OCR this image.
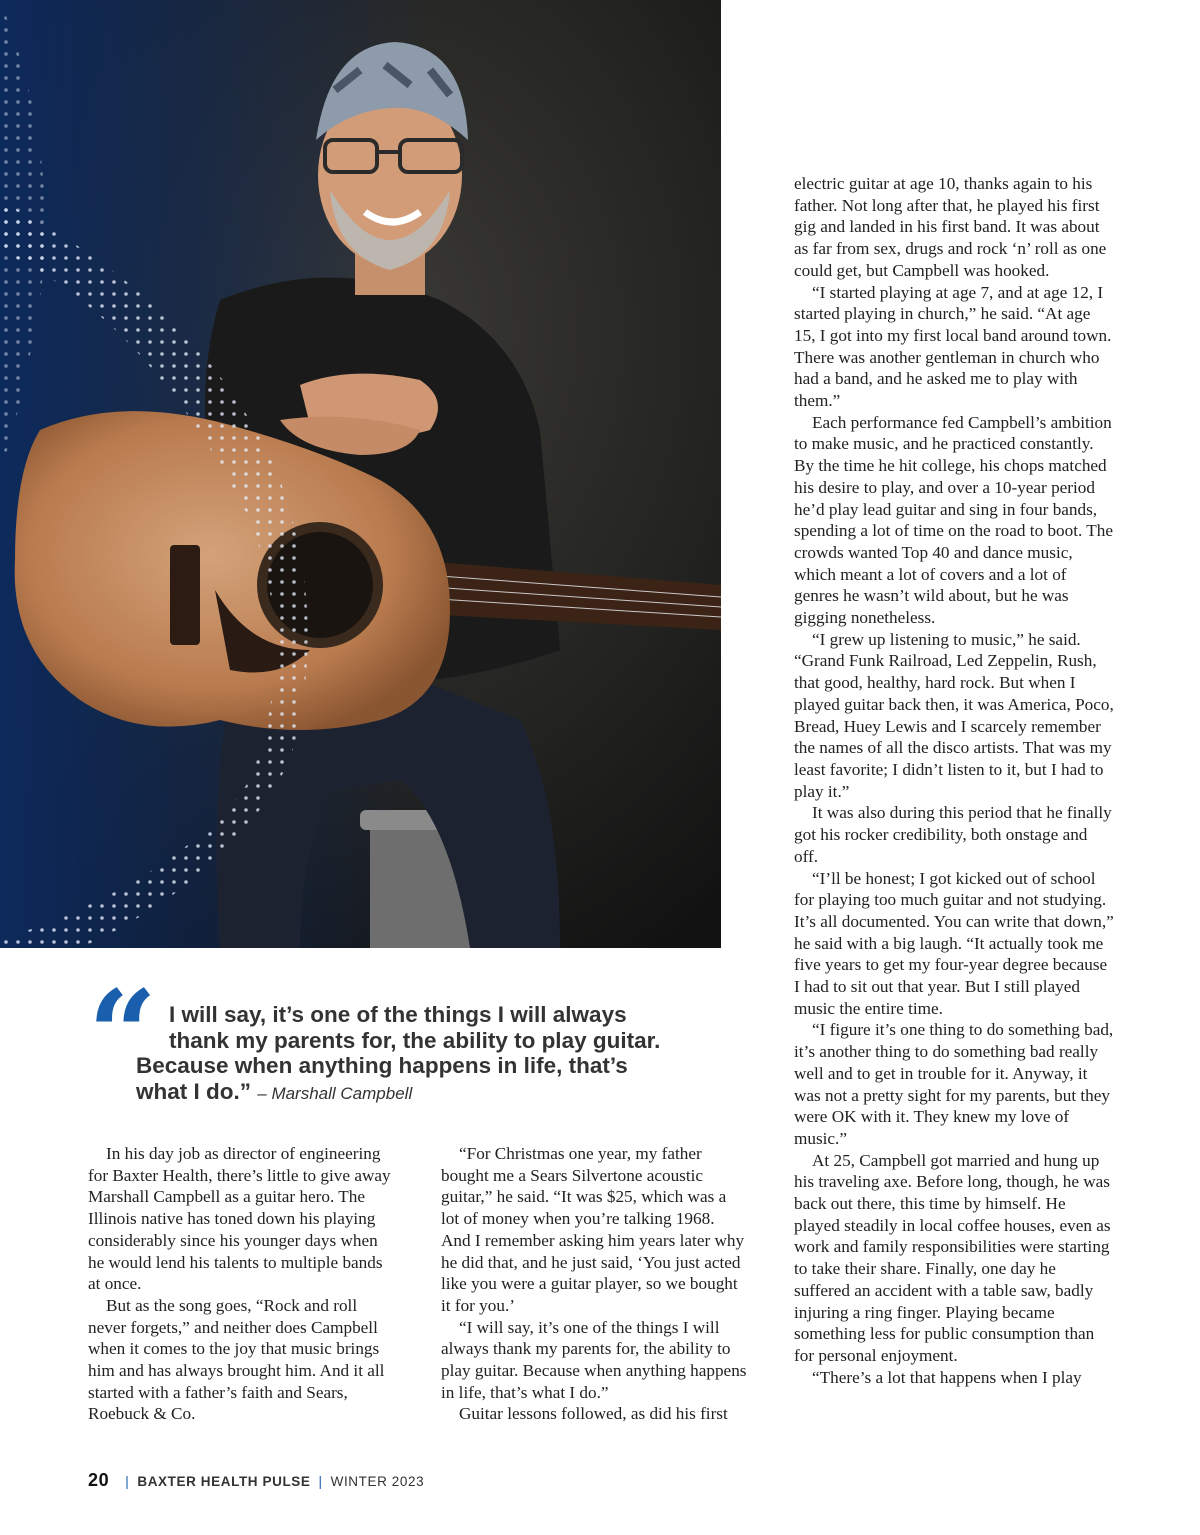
“ I will say, it’s one of the things I will always
thank my parents for, the ability to play guitar.
Because when anything happens in life, that’s
what I do.” – Marshall Campbell

In his day job as director of engineering for Baxter Health, there’s little to give away Marshall Campbell as a guitar hero. The Illinois native has toned down his playing considerably since his younger days when he would lend his talents to multiple bands at once.

But as the song goes, “Rock and roll never forgets,” and neither does Campbell when it comes to the joy that music brings him and has always brought him. And it all started with a father’s faith and Sears, Roebuck & Co.

“For Christmas one year, my father bought me a Sears Silvertone acoustic guitar,” he said. “It was $25, which was a lot of money when you’re talking 1968. And I remember asking him years later why he did that, and he just said, ‘You just acted like you were a guitar player, so we bought it for you.’

“I will say, it’s one of the things I will always thank my parents for, the ability to play guitar. Because when anything happens in life, that’s what I do.”

Guitar lessons followed, as did his first

electric guitar at age 10, thanks again to his father. Not long after that, he played his first gig and landed in his first band. It was about as far from sex, drugs and rock ‘n’ roll as one could get, but Campbell was hooked.

“I started playing at age 7, and at age 12, I started playing in church,” he said. “At age 15, I got into my first local band around town. There was another gentleman in church who had a band, and he asked me to play with them.”

Each performance fed Campbell’s ambition to make music, and he practiced constantly. By the time he hit college, his chops matched his desire to play, and over a 10-year period he’d play lead guitar and sing in four bands, spending a lot of time on the road to boot. The crowds wanted Top 40 and dance music, which meant a lot of covers and a lot of genres he wasn’t wild about, but he was gigging nonetheless.

“I grew up listening to music,” he said. “Grand Funk Railroad, Led Zeppelin, Rush, that good, healthy, hard rock. But when I played guitar back then, it was America, Poco, Bread, Huey Lewis and I scarcely remember the names of all the disco artists. That was my least favorite; I didn’t listen to it, but I had to play it.”

It was also during this period that he finally got his rocker credibility, both onstage and off.

“I’ll be honest; I got kicked out of school for playing too much guitar and not studying. It’s all documented. You can write that down,” he said with a big laugh. “It actually took me five years to get my four-year degree because I had to sit out that year. But I still played music the entire time.

“I figure it’s one thing to do something bad, it’s another thing to do something bad really well and to get in trouble for it. Anyway, it was not a pretty sight for my parents, but they were OK with it. They knew my love of music.”

At 25, Campbell got married and hung up his traveling axe. Before long, though, he was back out there, this time by himself. He played steadily in local coffee houses, even as work and family responsibilities were starting to take their share. Finally, one day he suffered an accident with a table saw, badly injuring a ring finger. Playing became something less for public consumption than for personal enjoyment.

“There’s a lot that happens when I play

20 | BAXTER HEALTH PULSE | WINTER 2023
